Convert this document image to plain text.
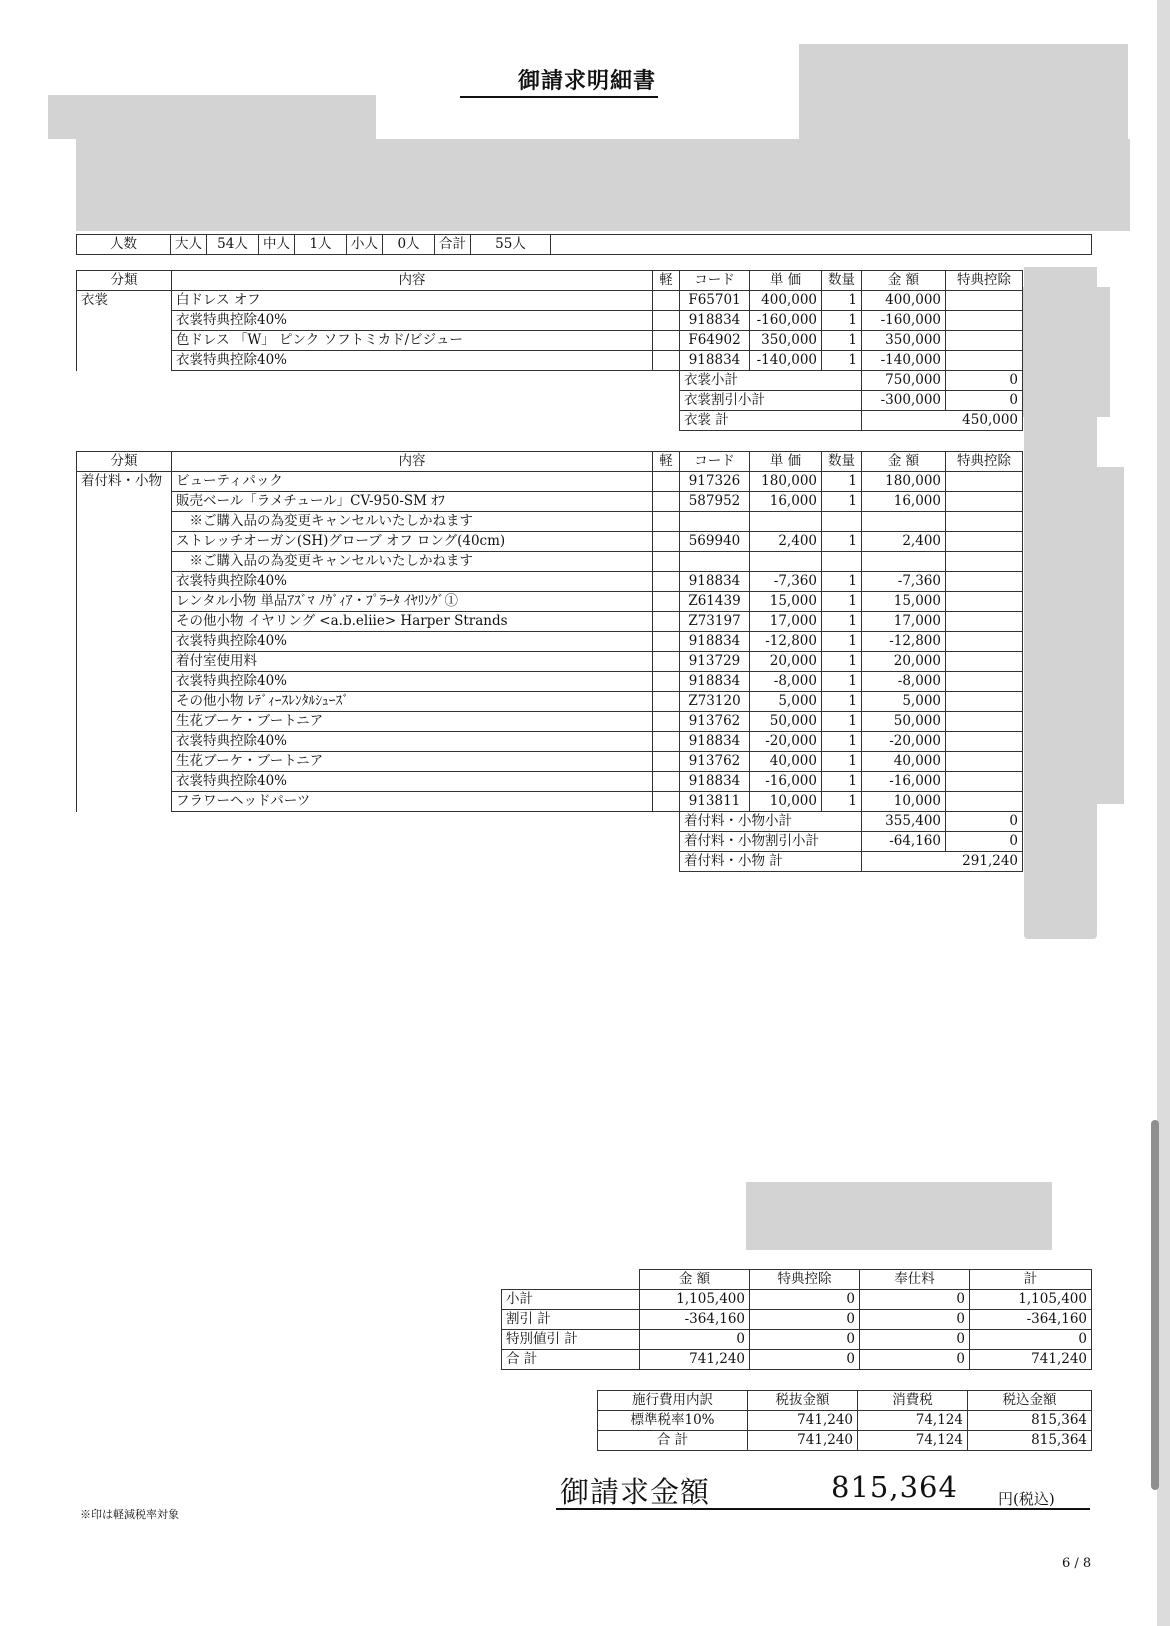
御請求明細書
人数	大人	54人	中人	1人	小人	0人	合計	55人	
分類	内容	軽	コード	単 価	数量	金 額	特典控除
衣裳	白ドレス オフ		F65701	400,000	1	400,000	
	衣裳特典控除40%		918834	-160,000	1	-160,000	
	色ドレス 「W」 ピンク ソフトミカド/ビジュー		F64902	350,000	1	350,000	
	衣裳特典控除40%		918834	-140,000	1	-140,000	
			衣裳小計			750,000	0
			衣裳割引小計			-300,000	0
			衣裳 計			450,000	
分類	内容	軽	コード	単 価	数量	金 額	特典控除
着付料・小物	ビューティパック		917326	180,000	1	180,000	
	販売ベール「ラメチュール」CV-950-SM ｵﾌ		587952	16,000	1	16,000	
	　※ご購入品の為変更キャンセルいたしかねます						
	ストレッチオーガン(SH)グローブ オフ ロング(40cm)		569940	2,400	1	2,400	
	　※ご購入品の為変更キャンセルいたしかねます						
	衣裳特典控除40%		918834	-7,360	1	-7,360	
	レンタル小物 単品ｱｽﾞﾏ ﾉｳﾞｨｱ・ﾌﾟﾗｰﾀ ｲﾔﾘﾝｸﾞ①		Z61439	15,000	1	15,000	
	その他小物 イヤリング <a.b.eliie> Harper Strands		Z73197	17,000	1	17,000	
	衣裳特典控除40%		918834	-12,800	1	-12,800	
	着付室使用料		913729	20,000	1	20,000	
	衣裳特典控除40%		918834	-8,000	1	-8,000	
	その他小物 ﾚﾃﾞｨｰｽﾚﾝﾀﾙｼｭｰｽﾞ		Z73120	5,000	1	5,000	
	生花ブーケ・ブートニア		913762	50,000	1	50,000	
	衣裳特典控除40%		918834	-20,000	1	-20,000	
	生花ブーケ・ブートニア		913762	40,000	1	40,000	
	衣裳特典控除40%		918834	-16,000	1	-16,000	
	フラワーヘッドパーツ		913811	10,000	1	10,000	
			着付料・小物小計			355,400	0
			着付料・小物割引小計			-64,160	0
			着付料・小物 計			291,240	
	金 額	特典控除	奉仕料	計
小計	1,105,400	0	0	1,105,400
割引 計	-364,160	0	0	-364,160
特別値引 計	0	0	0	0
合 計	741,240	0	0	741,240
施行費用内訳	税抜金額	消費税	税込金額
標準税率10%	741,240	74,124	815,364
合 計	741,240	74,124	815,364
御請求金額	815,364	円(税込)
※印は軽減税率対象
6 / 8
